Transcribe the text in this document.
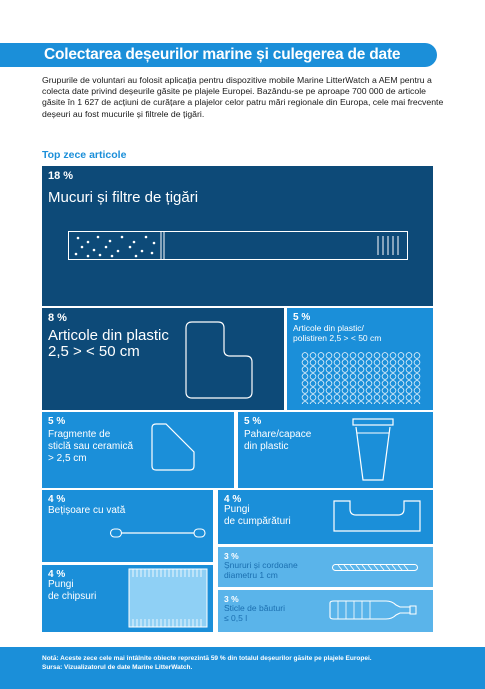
Colectarea deșeurilor marine și culegerea de date
Grupurile de voluntari au folosit aplicația pentru dispozitive mobile Marine LitterWatch a AEM pentru a colecta date privind deșeurile găsite pe plajele Europei. Bazându-se pe aproape 700 000 de articole găsite în 1 627 de acțiuni de curățare a plajelor celor patru mări regionale din Europa, cele mai frecvente deșeuri au fost mucurile și filtrele de țigări.
Top zece articole
18 %
Mucuri și filtre de țigări
8 %
Articole din plastic
2,5 > < 50 cm
5 %
Articole din plastic/
polistiren 2,5 > < 50 cm
5 %
Fragmente de
sticlă sau ceramică
> 2,5 cm
5 %
Pahare/capace
din plastic
4 %
Bețișoare cu vată
4 %
Pungi
de cumpărături
4 %
Pungi
de chipsuri
3 %
Șnururi și cordoane
diametru 1 cm
3 %
Sticle de băuturi
≤ 0,5 l
Notă: Aceste zece cele mai întâlnite obiecte reprezintă 59 % din totalul deșeurilor găsite pe plajele Europei.
Sursa: Vizualizatorul de date Marine LitterWatch.
